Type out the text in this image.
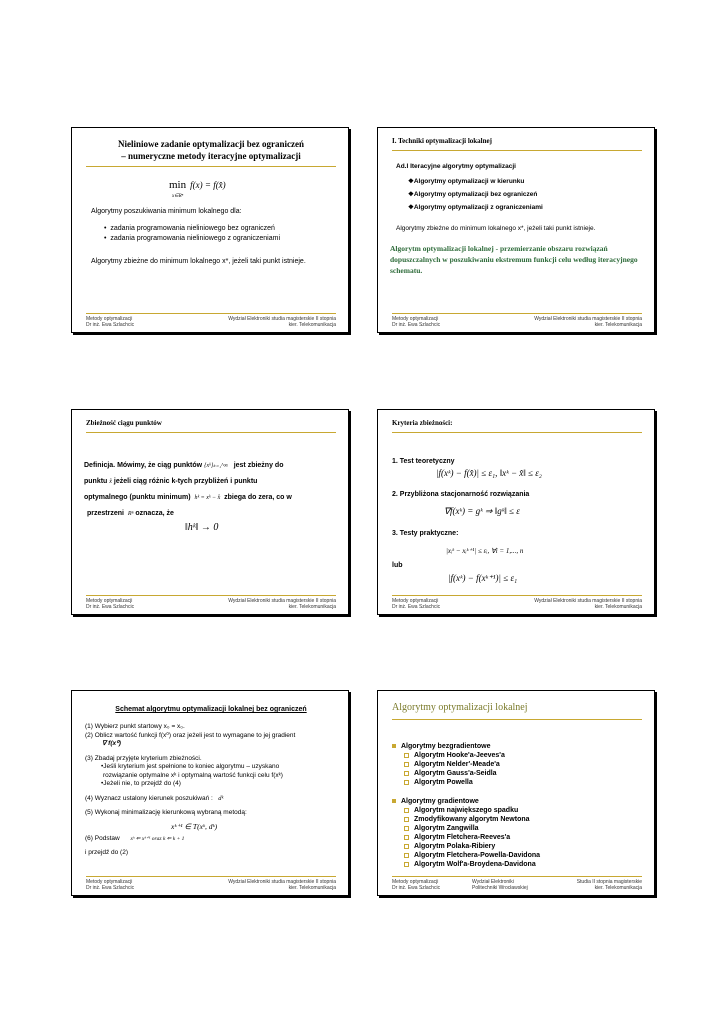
Nieliniowe zadanie optymalizacji bez ograniczeń
– numeryczne metody iteracyjne optymalizacji
min f(x) = f(x̂)
x∈Rⁿ
Algorytmy poszukiwania minimum lokalnego dla:
•  zadania programowania nieliniowego bez ograniczeń
•  zadania programowania nieliniowego z ograniczeniami
Algorytmy zbieżne do minimum lokalnego x*, jeżeli taki punkt istnieje.
Metody optymalizacji
Dr inż. Ewa Szlachcic
Wydział Elektroniki studia magisterskie II stopnia
kier. Telekomunikacja
I. Techniki optymalizacji lokalnej
Ad.I Iteracyjne algorytmy optymalizacji
❖Algorytmy optymalizacji w kierunku
❖Algorytmy optymalizacji bez ograniczeń
❖Algorytmy optymalizacji z ograniczeniami
Algorytmy zbieżne do minimum lokalnego x*, jeżeli taki punkt istnieje.
Algorytm optymalizacji lokalnej - przemierzanie obszaru rozwiązań dopuszczalnych w poszukiwaniu ekstremum funkcji celu według iteracyjnego schematu.
Metody optymalizacji
Dr inż. Ewa Szlachcic
Wydział Elektroniki studia magisterskie II stopnia
kier. Telekomunikacja
Zbieżność ciągu punktów
Definicja. Mówimy, że ciąg punktów {xᵏ}ₖ₌₁^∞ jest zbieżny do
punktu x̂ jeżeli ciąg różnic k-tych przybliżeń i punktu
optymalnego (punktu minimum) hᵏ = xᵏ − x̂ zbiega do zera, co w
przestrzeni Rⁿ oznacza, że
‖hᵏ‖ → 0
Metody optymalizacji
Dr inż. Ewa Szlachcic
Wydział Elektroniki studia magisterskie II stopnia
kier. Telekomunikacja
Kryteria zbieżności:
1. Test teoretyczny
|f(xᵏ) − f(x̂)| ≤ ε₁, ‖xᵏ − x̂‖ ≤ ε₂
2. Przybliżona stacjonarność rozwiązania
∇f(xᵏ) = gᵏ ⇒ ‖gᵏ‖ ≤ ε
3. Testy praktyczne:
|xᵢᵏ − xᵢᵏ⁺¹| ≤ εᵢ, ∀i = 1,..., n
lub
|f(xᵏ) − f(xᵏ⁺¹)| ≤ ε₁
Metody optymalizacji
Dr inż. Ewa Szlachcic
Wydział Elektroniki studia magisterskie II stopnia
kier. Telekomunikacja
Schemat algorytmu optymalizacji lokalnej bez ograniczeń
(1) Wybierz punkt startowy x₀ = x₀.
(2) Oblicz wartość funkcji f(x⁰) oraz jeżeli jest to wymagane to jej gradient
∇ f(x⁰)
(3) Zbadaj przyjęte kryterium zbieżności.
•Jeśli kryterium jest spełnione to koniec algorytmu – uzyskano
rozwiązanie optymalne xᵏ i optymalną wartość funkcji celu f(xᵏ)
•Jeżeli nie, to przejdź do (4)
(4) Wyznacz ustalony kierunek poszukiwań : dᵏ
(5) Wykonaj minimalizację kierunkową wybraną metodą:
xᵏ⁺¹ ∈ T(xᵏ, dᵏ)
(6) Podstaw xᵏ ⇐ xᵏ⁺¹ oraz k ⇐ k + 1
i przejdź do (2)
Metody optymalizacji
Dr inż. Ewa Szlachcic
Wydział Elektroniki studia magisterskie II stopnia
kier. Telekomunikacja
Algorytmy optymalizacji lokalnej
Algorytmy bezgradientowe
Algorytm Hooke'a-Jeeves'a
Algorytm Nelder'-Meade'a
Algorytm Gauss'a-Seidla
Algorytm Powella
Algorytmy gradientowe
Algorytm największego spadku
Zmodyfikowany algorytm Newtona
Algorytm Zangwilla
Algorytm Fletchera-Reeves'a
Algorytm Polaka-Ribiery
Algorytm Fletchera-Powella-Davidona
Algorytm Wolf'a-Broydena-Davidona
Metody optymalizacji
Dr inż. Ewa Szlachcic
Wydział Elektroniki
Politechniki Wrocławskiej
Studia II stopnia magisterskie
kier. Telekomunikacja
